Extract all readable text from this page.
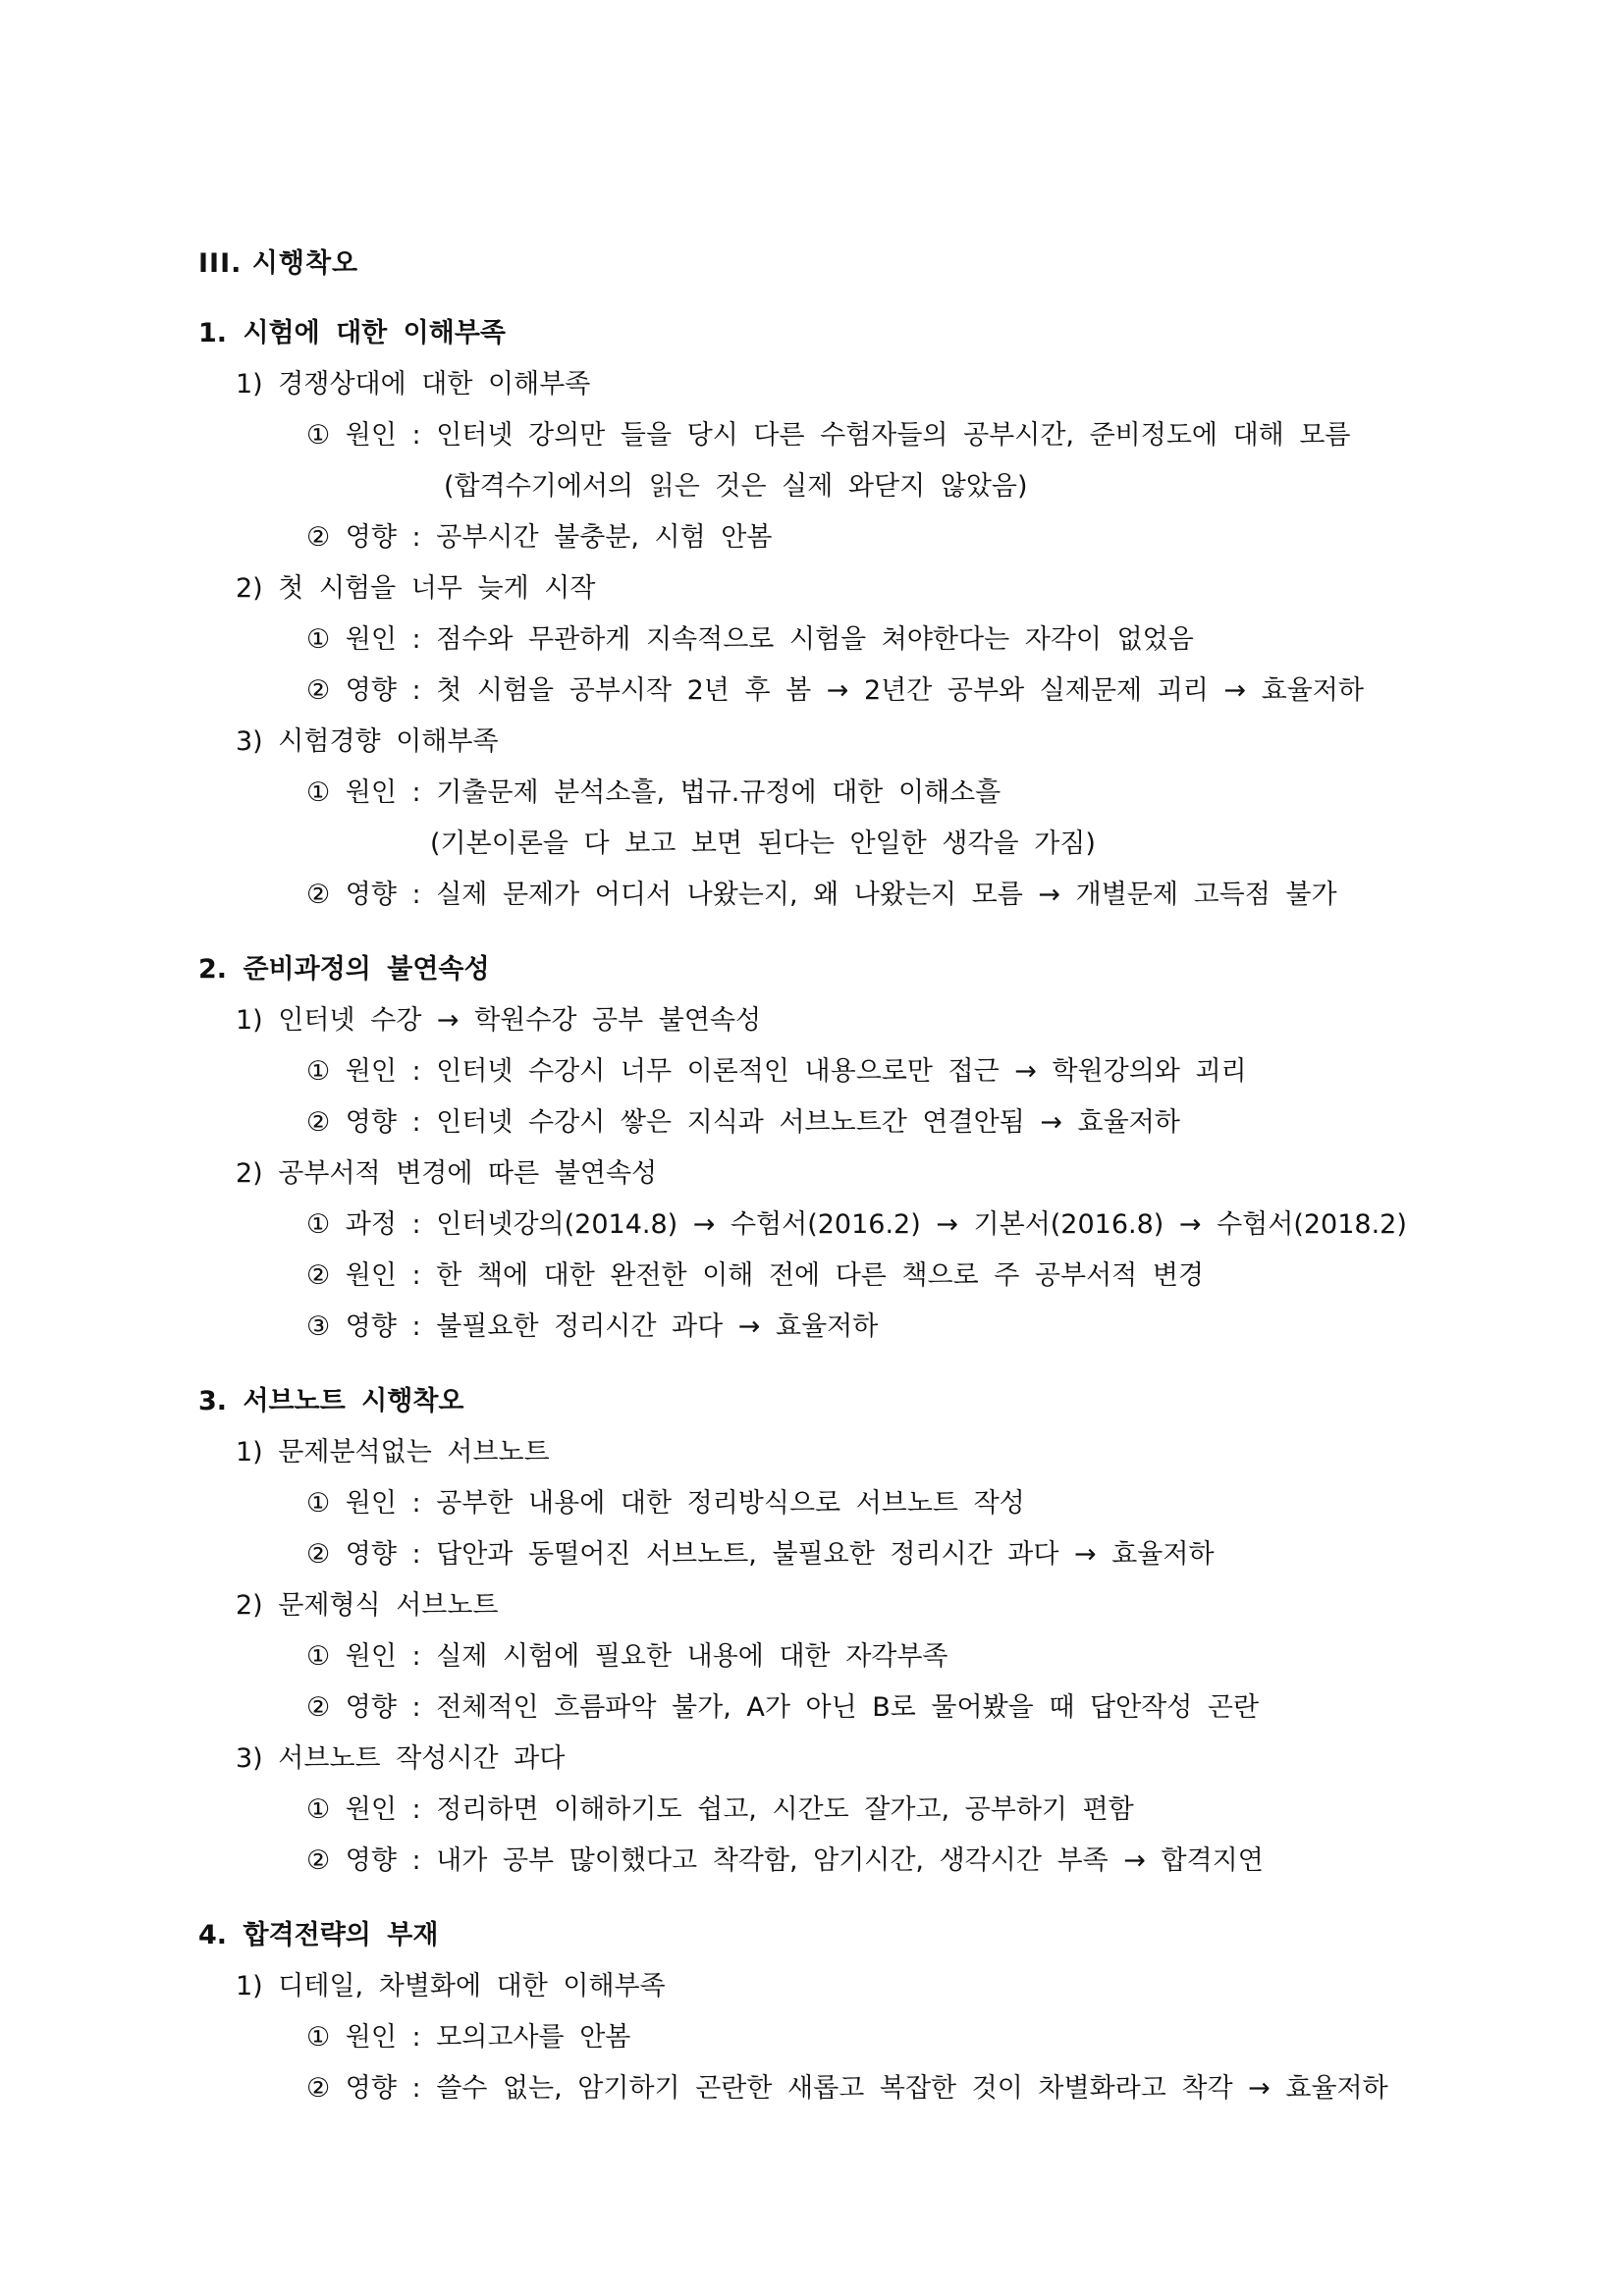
III. 시행착오
1. 시험에 대한 이해부족
1) 경쟁상대에 대한 이해부족
① 원인 : 인터넷 강의만 들을 당시 다른 수험자들의 공부시간, 준비정도에 대해 모름
(합격수기에서의 읽은 것은 실제 와닫지 않았음)
② 영향 : 공부시간 불충분, 시험 안봄
2) 첫 시험을 너무 늦게 시작
① 원인 : 점수와 무관하게 지속적으로 시험을 쳐야한다는 자각이 없었음
② 영향 : 첫 시험을 공부시작 2년 후 봄 → 2년간 공부와 실제문제 괴리 → 효율저하
3) 시험경향 이해부족
① 원인 : 기출문제 분석소흘, 법규.규정에 대한 이해소흘
(기본이론을 다 보고 보면 된다는 안일한 생각을 가짐)
② 영향 : 실제 문제가 어디서 나왔는지, 왜 나왔는지 모름 → 개별문제 고득점 불가
2. 준비과정의 불연속성
1) 인터넷 수강 → 학원수강 공부 불연속성
① 원인 : 인터넷 수강시 너무 이론적인 내용으로만 접근 → 학원강의와 괴리
② 영향 : 인터넷 수강시 쌓은 지식과 서브노트간 연결안됨 → 효율저하
2) 공부서적 변경에 따른 불연속성
① 과정 : 인터넷강의(2014.8) → 수험서(2016.2) → 기본서(2016.8) → 수험서(2018.2)
② 원인 : 한 책에 대한 완전한 이해 전에 다른 책으로 주 공부서적 변경
③ 영향 : 불필요한 정리시간 과다 → 효율저하
3. 서브노트 시행착오
1) 문제분석없는 서브노트
① 원인 : 공부한 내용에 대한 정리방식으로 서브노트 작성
② 영향 : 답안과 동떨어진 서브노트, 불필요한 정리시간 과다 → 효율저하
2) 문제형식 서브노트
① 원인 : 실제 시험에 필요한 내용에 대한 자각부족
② 영향 : 전체적인 흐름파악 불가, A가 아닌 B로 물어봤을 때 답안작성 곤란
3) 서브노트 작성시간 과다
① 원인 : 정리하면 이해하기도 쉽고, 시간도 잘가고, 공부하기 편함
② 영향 : 내가 공부 많이했다고 착각함, 암기시간, 생각시간 부족 → 합격지연
4. 합격전략의 부재
1) 디테일, 차별화에 대한 이해부족
① 원인 : 모의고사를 안봄
② 영향 : 쓸수 없는, 암기하기 곤란한 새롭고 복잡한 것이 차별화라고 착각 → 효율저하
